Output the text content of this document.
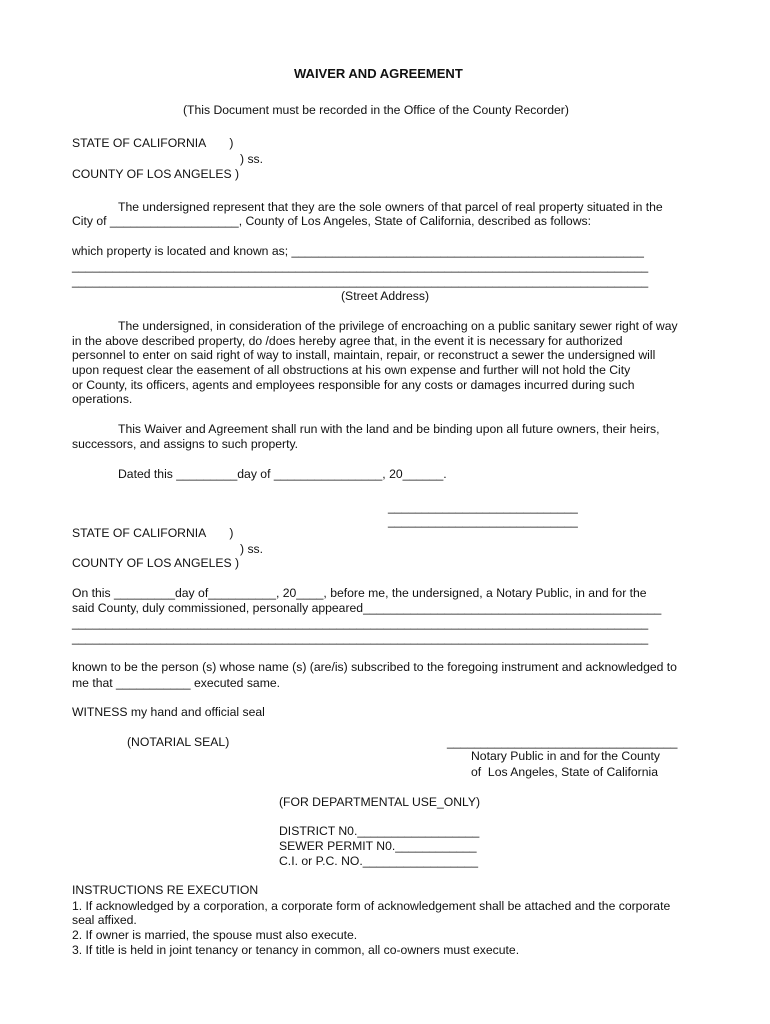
WAIVER AND AGREEMENT
(This Document must be recorded in the Office of the County Recorder)
STATE OF CALIFORNIA       )
) ss.
COUNTY OF LOS ANGELES )
The undersigned represent that they are the sole owners of that parcel of real property situated in the
City of ___________________, County of Los Angeles, State of California, described as follows:
which property is located and known as; ____________________________________________________
_____________________________________________________________________________________
_____________________________________________________________________________________
(Street Address)
The undersigned, in consideration of the privilege of encroaching on a public sanitary sewer right of way
in the above described property, do /does hereby agree that, in the event it is necessary for authorized
personnel to enter on said right of way to install, maintain, repair, or reconstruct a sewer the undersigned will
upon request clear the easement of all obstructions at his own expense and further will not hold the City
or County, its officers, agents and employees responsible for any costs or damages incurred during such
operations.
This Waiver and Agreement shall run with the land and be binding upon all future owners, their heirs,
successors, and assigns to such property.
Dated this _________day of ________________, 20______.
____________________________
____________________________
STATE OF CALIFORNIA       )
) ss.
COUNTY OF LOS ANGELES )
On this _________day of__________, 20____, before me, the undersigned, a Notary Public, in and for the
said County, duly commissioned, personally appeared____________________________________________
_____________________________________________________________________________________
_____________________________________________________________________________________
known to be the person (s) whose name (s) (are/is) subscribed to the foregoing instrument and acknowledged to
me that ___________ executed same.
WITNESS my hand and official seal
(NOTARIAL SEAL)	__________________________________
Notary Public in and for the County
of  Los Angeles, State of California
(FOR DEPARTMENTAL USE_ONLY)
DISTRICT N0.__________________
SEWER PERMIT N0.____________
C.I. or P.C. NO._________________
INSTRUCTIONS RE EXECUTION
1. If acknowledged by a corporation, a corporate form of acknowledgement shall be attached and the corporate
seal affixed.
2. If owner is married, the spouse must also execute.
3. If title is held in joint tenancy or tenancy in common, all co-owners must execute.
